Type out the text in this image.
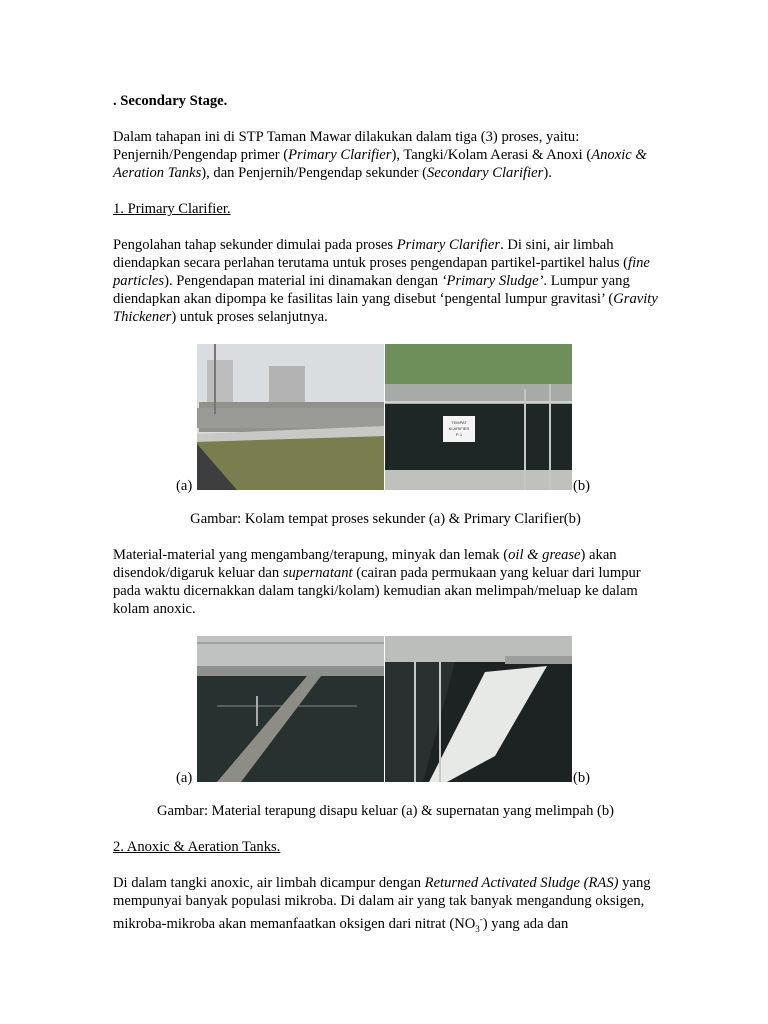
. Secondary Stage.

Dalam tahapan ini di STP Taman Mawar dilakukan dalam tiga (3) proses, yaitu: Penjernih/Pengendap primer (Primary Clarifier), Tangki/Kolam Aerasi & Anoxi (Anoxic & Aeration Tanks), dan Penjernih/Pengendap sekunder (Secondary Clarifier).

1. Primary Clarifier.

Pengolahan tahap sekunder dimulai pada proses Primary Clarifier. Di sini, air limbah diendapkan secara perlahan terutama untuk proses pengendapan partikel-partikel halus (fine particles). Pengendapan material ini dinamakan dengan ‘Primary Sludge’. Lumpur yang diendapkan akan dipompa ke fasilitas lain yang disebut ‘pengental lumpur gravitasi’ (Gravity Thickener) untuk proses selanjutnya.

(a)
TEMPAT
KLARIFIER
P-1
(b)

Gambar: Kolam tempat proses sekunder (a) & Primary Clarifier(b)

Material-material yang mengambang/terapung, minyak dan lemak (oil & grease) akan disendok/digaruk keluar dan supernatant (cairan pada permukaan yang keluar dari lumpur pada waktu dicernakkan dalam tangki/kolam) kemudian akan melimpah/meluap ke dalam kolam anoxic.

(a)	(b)

Gambar: Material terapung disapu keluar (a) & supernatan yang melimpah (b)

2. Anoxic & Aeration Tanks.

Di dalam tangki anoxic, air limbah dicampur dengan Returned Activated Sludge (RAS) yang mempunyai banyak populasi mikroba. Di dalam air yang tak banyak mengandung oksigen, mikroba-mikroba akan memanfaatkan oksigen dari nitrat $(NO_3^-)$ yang ada dan
